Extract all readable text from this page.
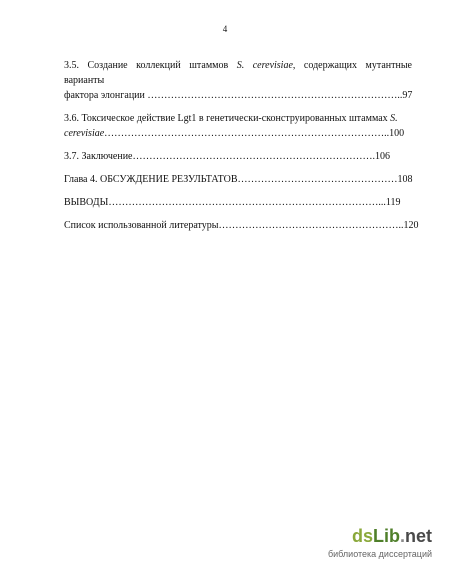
4
3.5. Создание коллекций штаммов S. cerevisiae, содержащих мутантные варианты
фактора элонгации …………………………………………………………………..97
3.6. Токсическое действие Lgt1 в генетически-сконструированных штаммах S.
cerevisiae…………………………………………………………………………..100
3.7. Заключение……………………………………………………………….106
Глава 4. ОБСУЖДЕНИЕ РЕЗУЛЬТАТОВ…………………………………………108
ВЫВОДЫ………………………………………………………………………...119
Список использованной литературы………………………………………………..120
dsLib.net
библиотека диссертаций
